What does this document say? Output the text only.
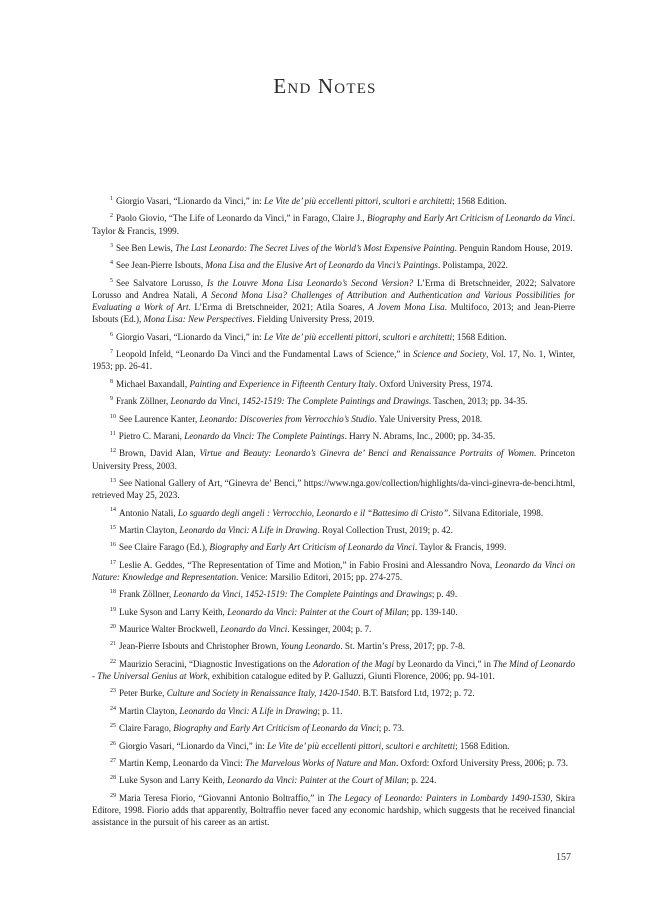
End Notes

$^1$ Giorgio Vasari, “Lionardo da Vinci,” in: Le Vite de’ più eccellenti pittori, scultori e architetti; 1568 Edition.

$^2$ Paolo Giovio, “The Life of Leonardo da Vinci,” in Farago, Claire J., Biography and Early Art Criticism of Leonardo da Vinci. Taylor & Francis, 1999.

$^3$ See Ben Lewis, The Last Leonardo: The Secret Lives of the World’s Most Expensive Painting. Penguin Random House, 2019.

$^4$ See Jean-Pierre Isbouts, Mona Lisa and the Elusive Art of Leonardo da Vinci’s Paintings. Polistampa, 2022.

$^5$ See Salvatore Lorusso, Is the Louvre Mona Lisa Leonardo’s Second Version? L’Erma di Bretschneider, 2022; Salvatore Lorusso and Andrea Natali, A Second Mona Lisa? Challenges of Attribution and Authentication and Various Possibilities for Evaluating a Work of Art. L’Erma di Bretschneider, 2021; Atila Soares, A Jovem Mona Lisa. Multifoco, 2013; and Jean-Pierre Isbouts (Ed.), Mona Lisa: New Perspectives. Fielding University Press, 2019.

$^6$ Giorgio Vasari, “Lionardo da Vinci,” in: Le Vite de’ più eccellenti pittori, scultori e architetti; 1568 Edition.

$^7$ Leopold Infeld, “Leonardo Da Vinci and the Fundamental Laws of Science,” in Science and Society, Vol. 17, No. 1, Winter, 1953; pp. 26-41.

$^8$ Michael Baxandall, Painting and Experience in Fifteenth Century Italy. Oxford University Press, 1974.

$^9$ Frank Zöllner, Leonardo da Vinci, 1452-1519: The Complete Paintings and Drawings. Taschen, 2013; pp. 34-35.

$^{10}$ See Laurence Kanter, Leonardo: Discoveries from Verrocchio’s Studio. Yale University Press, 2018.

$^{11}$ Pietro C. Marani, Leonardo da Vinci: The Complete Paintings. Harry N. Abrams, Inc., 2000; pp. 34-35.

$^{12}$ Brown, David Alan, Virtue and Beauty: Leonardo’s Ginevra de’ Benci and Renaissance Portraits of Women. Princeton University Press, 2003.

$^{13}$ See National Gallery of Art, “Ginevra de’ Benci,” https://www.nga.gov/collection/highlights/da-vinci-ginevra-de-benci.html, retrieved May 25, 2023.

$^{14}$ Antonio Natali, Lo sguardo degli angeli : Verrocchio, Leonardo e il “Battesimo di Cristo”. Silvana Editoriale, 1998.

$^{15}$ Martin Clayton, Leonardo da Vinci: A Life in Drawing. Royal Collection Trust, 2019; p. 42.

$^{16}$ See Claire Farago (Ed.), Biography and Early Art Criticism of Leonardo da Vinci. Taylor & Francis, 1999.

$^{17}$ Leslie A. Geddes, “The Representation of Time and Motion,” in Fabio Frosini and Alessandro Nova, Leonardo da Vinci on Nature: Knowledge and Representation. Venice: Marsilio Editori, 2015; pp. 274-275.

$^{18}$ Frank Zöllner, Leonardo da Vinci, 1452-1519: The Complete Paintings and Drawings; p. 49.

$^{19}$ Luke Syson and Larry Keith, Leonardo da Vinci: Painter at the Court of Milan; pp. 139-140.

$^{20}$ Maurice Walter Brockwell, Leonardo da Vinci. Kessinger, 2004; p. 7.

$^{21}$ Jean-Pierre Isbouts and Christopher Brown, Young Leonardo. St. Martin’s Press, 2017; pp. 7-8.

$^{22}$ Maurizio Seracini, “Diagnostic Investigations on the Adoration of the Magi by Leonardo da Vinci,” in The Mind of Leonardo - The Universal Genius at Work, exhibition catalogue edited by P. Galluzzi, Giunti Florence, 2006; pp. 94-101.

$^{23}$ Peter Burke, Culture and Society in Renaissance Italy, 1420-1540. B.T. Batsford Ltd, 1972; p. 72.

$^{24}$ Martin Clayton, Leonardo da Vinci: A Life in Drawing; p. 11.

$^{25}$ Claire Farago, Biography and Early Art Criticism of Leonardo da Vinci; p. 73.

$^{26}$ Giorgio Vasari, “Lionardo da Vinci,” in: Le Vite de’ più eccellenti pittori, scultori e architetti; 1568 Edition.

$^{27}$ Martin Kemp, Leonardo da Vinci: The Marvelous Works of Nature and Man. Oxford: Oxford University Press, 2006; p. 73.

$^{28}$ Luke Syson and Larry Keith, Leonardo da Vinci: Painter at the Court of Milan; p. 224.

$^{29}$ Maria Teresa Fiorio, “Giovanni Antonio Boltraffio,” in The Legacy of Leonardo: Painters in Lombardy 1490-1530, Skira Editore, 1998. Fiorio adds that apparently, Boltraffio never faced any economic hardship, which suggests that he received financial assistance in the pursuit of his career as an artist.

157
